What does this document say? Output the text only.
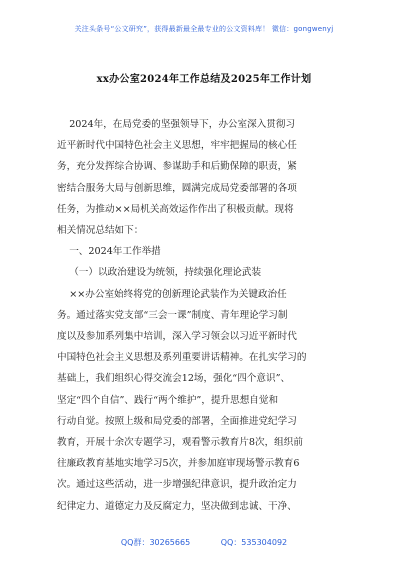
关注头条号“公文研究”，获得最新最全最专业的公文资料库！ 微信：gongwenyj
xx办公室2024年工作总结及2025年工作计划

2024年，在局党委的坚强领导下，办公室深入贯彻习

近平新时代中国特色社会主义思想，牢牢把握局的核心任

务，充分发挥综合协调、参谋助手和后勤保障的职责，紧

密结合服务大局与创新思维，圆满完成局党委部署的各项

任务，为推动××局机关高效运作作出了积极贡献。现将

相关情况总结如下：

一、2024年工作举措

（一）以政治建设为统领，持续强化理论武装

××办公室始终将党的创新理论武装作为关键政治任

务。通过落实党支部“三会一课”制度、青年理论学习制

度以及参加系列集中培训，深入学习领会以习近平新时代

中国特色社会主义思想及系列重要讲话精神。在扎实学习的

基础上，我们组织心得交流会12场，强化“四个意识”、

坚定“四个自信”、践行“两个维护”，提升思想自觉和

行动自觉。按照上级和局党委的部署，全面推进党纪学习

教育，开展十余次专题学习，观看警示教育片8次，组织前

往廉政教育基地实地学习5次，并参加庭审现场警示教育6

次。通过这些活动，进一步增强纪律意识，提升政治定力

纪律定力、道德定力及反腐定力，坚决做到忠诚、干净、

QQ群：30265665	QQ：535304092
